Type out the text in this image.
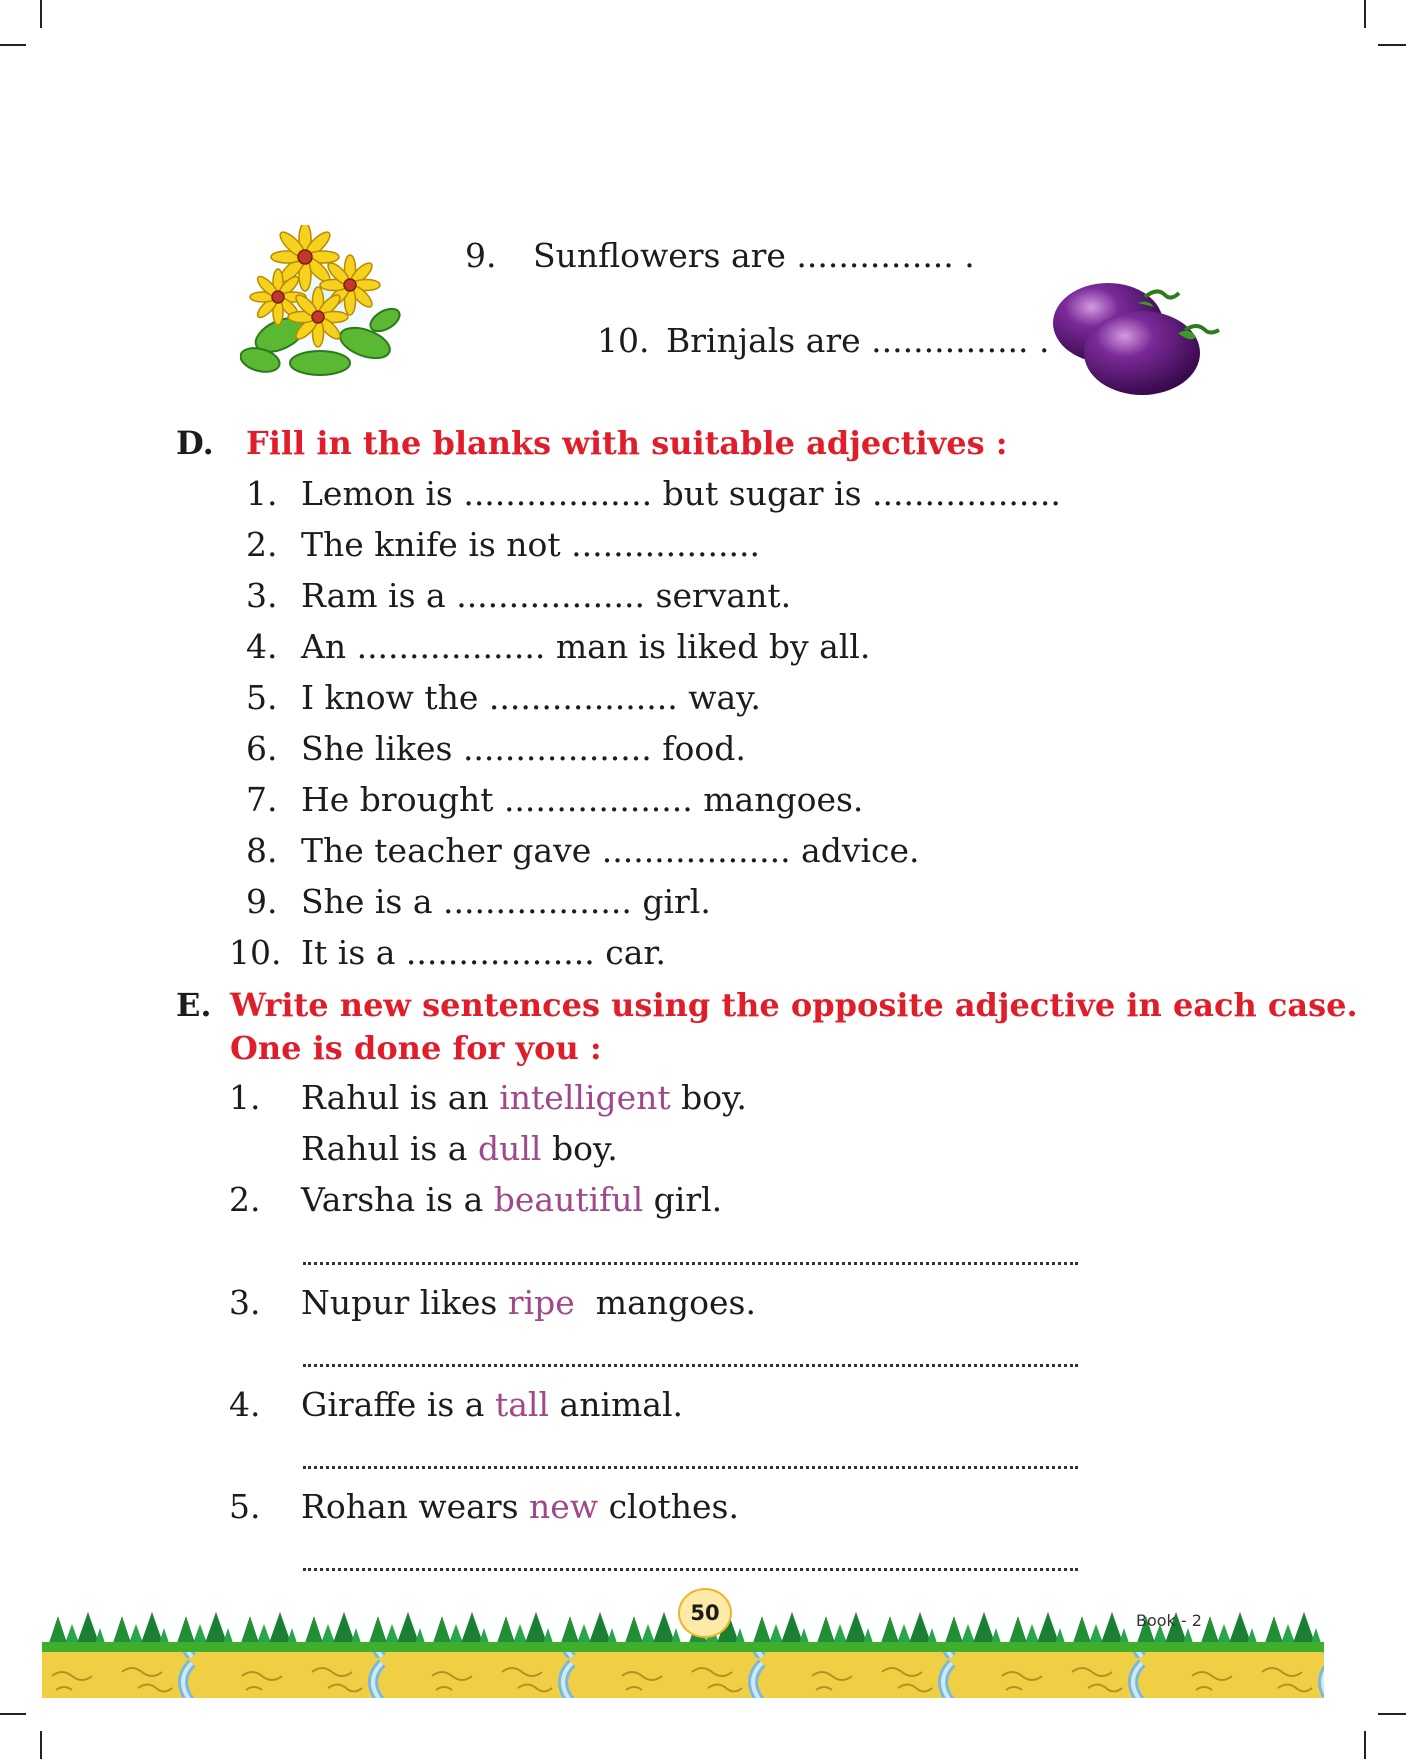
9. Sunflowers are ............... .
10. Brinjals are ............... .
D. Fill in the blanks with suitable adjectives :
1. Lemon is .................. but sugar is ..................
2. The knife is not ..................
3. Ram is a .................. servant.
4. An .................. man is liked by all.
5. I know the .................. way.
6. She likes .................. food.
7. He brought .................. mangoes.
8. The teacher gave .................. advice.
9. She is a .................. girl.
10. It is a .................. car.
E. Write new sentences using the opposite adjective in each case.
One is done for you :
1. Rahul is an intelligent boy.
Rahul is a dull boy.
2. Varsha is a beautiful girl.
3. Nupur likes ripe  mangoes.
4. Giraffe is a tall animal.
5. Rohan wears new clothes.
50	Book - 2
